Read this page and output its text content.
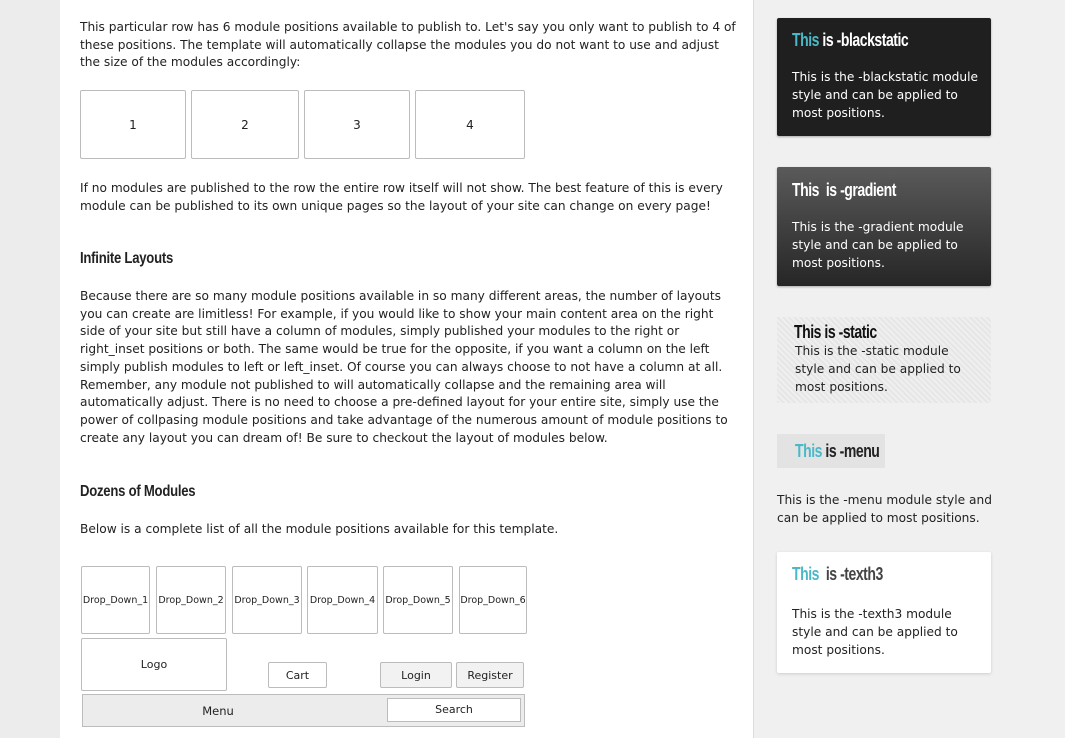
This particular row has 6 module positions available to publish to. Let's say you only want to publish to 4 of these positions. The template will automatically collapse the modules you do not want to use and adjust the size of the modules accordingly:

1	2	3	4

If no modules are published to the row the entire row itself will not show. The best feature of this is every module can be published to its own unique pages so the layout of your site can change on every page!

Infinite Layouts

Because there are so many module positions available in so many different areas, the number of layouts you can create are limitless! For example, if you would like to show your main content area on the right side of your site but still have a column of modules, simply published your modules to the right or right_inset positions or both. The same would be true for the opposite, if you want a column on the left simply publish modules to left or left_inset. Of course you can always choose to not have a column at all. Remember, any module not published to will automatically collapse and the remaining area will automatically adjust. There is no need to choose a pre-defined layout for your entire site, simply use the power of collpasing module positions and take advantage of the numerous amount of module positions to create any layout you can dream of! Be sure to checkout the layout of modules below.

Dozens of Modules

Below is a complete list of all the module positions available for this template.

Drop_Down_1 Drop_Down_2 Drop_Down_3 Drop_Down_4 Drop_Down_5 Drop_Down_6
Logo
Cart	Login	Register
Menu	Search
This is -blackstatic

This is the -blackstatic module style and can be applied to most positions.

This is -gradient

This is the -gradient module style and can be applied to most positions.

This is -static

This is the -static module style and can be applied to most positions.

This is -menu

This is the -menu module style and can be applied to most positions.

This is -texth3

This is the -texth3 module style and can be applied to most positions.
